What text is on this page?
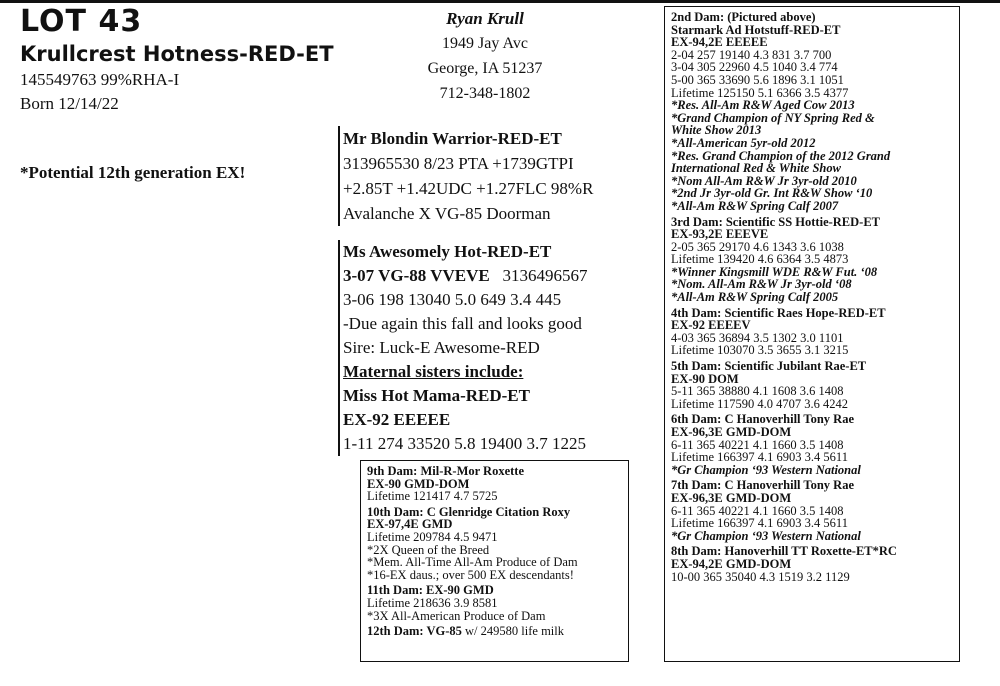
LOT 43
Krullcrest Hotness-RED-ET
145549763 99%RHA-I
Born 12/14/22
*Potential 12th generation EX!
Ryan Krull
1949 Jay Avc
George, IA 51237
712-348-1802
Mr Blondin Warrior-RED-ET
313965530 8/23 PTA +1739GTPI
+2.85T +1.42UDC +1.27FLC 98%R
Avalanche X VG-85 Doorman
Ms Awesomely Hot-RED-ET
3-07 VG-88 VVEVE 3136496567
3-06 198 13040 5.0 649 3.4 445
-Due again this fall and looks good
Sire: Luck-E Awesome-RED
Maternal sisters include:
Miss Hot Mama-RED-ET
EX-92 EEEEE
1-11 274 33520 5.8 19400 3.7 1225
9th Dam: Mil-R-Mor Roxette
EX-90 GMD-DOM
Lifetime 121417 4.7 5725
10th Dam: C Glenridge Citation Roxy
EX-97,4E GMD
Lifetime 209784 4.5 9471
*2X Queen of the Breed
*Mem. All-Time All-Am Produce of Dam
*16-EX daus.; over 500 EX descendants!
11th Dam: EX-90 GMD
Lifetime 218636 3.9 8581
*3X All-American Produce of Dam
12th Dam: VG-85 w/ 249580 life milk
2nd Dam: (Pictured above)
Starmark Ad Hotstuff-RED-ET
EX-94,2E EEEEE
2-04 257 19140 4.3 831 3.7 700
3-04 305 22960 4.5 1040 3.4 774
5-00 365 33690 5.6 1896 3.1 1051
Lifetime 125150 5.1 6366 3.5 4377
*Res. All-Am R&W Aged Cow 2013
*Grand Champion of NY Spring Red &
White Show 2013
*All-American 5yr-old 2012
*Res. Grand Champion of the 2012 Grand
International Red & White Show
*Nom All-Am R&W Jr 3yr-old 2010
*2nd Jr 3yr-old Gr. Int R&W Show ‘10
*All-Am R&W Spring Calf 2007
3rd Dam: Scientific SS Hottie-RED-ET
EX-93,2E EEEVE
2-05 365 29170 4.6 1343 3.6 1038
Lifetime 139420 4.6 6364 3.5 4873
*Winner Kingsmill WDE R&W Fut. ‘08
*Nom. All-Am R&W Jr 3yr-old ‘08
*All-Am R&W Spring Calf 2005
4th Dam: Scientific Raes Hope-RED-ET
EX-92 EEEEV
4-03 365 36894 3.5 1302 3.0 1101
Lifetime 103070 3.5 3655 3.1 3215
5th Dam: Scientific Jubilant Rae-ET
EX-90 DOM
5-11 365 38880 4.1 1608 3.6 1408
Lifetime 117590 4.0 4707 3.6 4242
6th Dam: C Hanoverhill Tony Rae
EX-96,3E GMD-DOM
6-11 365 40221 4.1 1660 3.5 1408
Lifetime 166397 4.1 6903 3.4 5611
*Gr Champion ‘93 Western National
7th Dam: C Hanoverhill Tony Rae
EX-96,3E GMD-DOM
6-11 365 40221 4.1 1660 3.5 1408
Lifetime 166397 4.1 6903 3.4 5611
*Gr Champion ‘93 Western National
8th Dam: Hanoverhill TT Roxette-ET*RC
EX-94,2E GMD-DOM
10-00 365 35040 4.3 1519 3.2 1129
